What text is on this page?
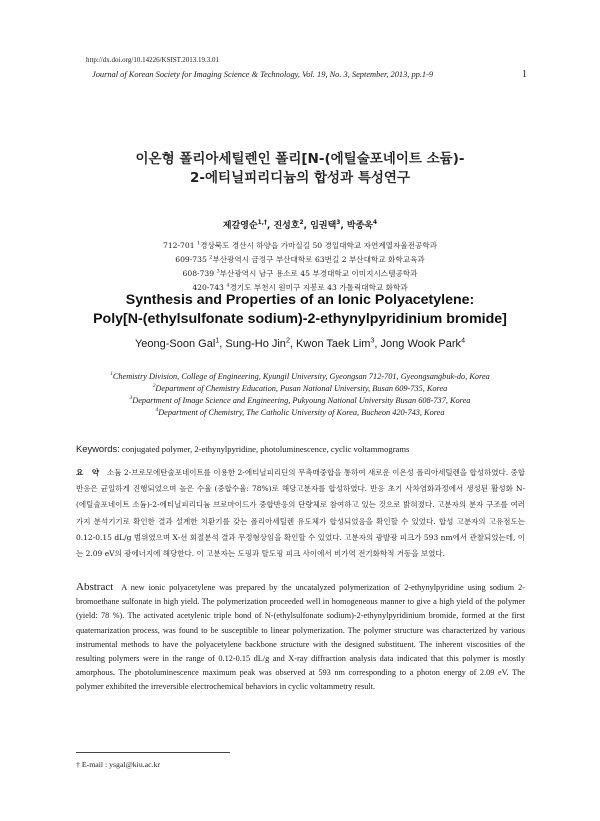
http://dx.doi.org/10.14226/KSIST.2013.19.3.01
Journal of Korean Society for Imaging Science & Technology, Vol. 19, No. 3, September, 2013, pp.1-9	1
이온형 폴리아세틸렌인 폴리[N-(에틸술포네이트 소듐)-
2-에티닐피리디늄의 합성과 특성연구
제갈영순$^{1,\dagger}$, 진성호$^2$, 임권택$^3$, 박종욱$^4$
712-701 $^1$경상북도 경산시 하양읍 가마실길 50 경일대학교 자연계열자율전공학과
609-735 $^2$부산광역시 금정구 부산대학로 63번길 2 부산대학교 화학교육과
608-739 $^3$부산광역시 남구 용소로 45 부경대학교 이미지시스템공학과
420-743 $^4$경기도 부천시 원미구 지봉로 43 가톨릭대학교 화학과
Synthesis and Properties of an Ionic Polyacetylene:
Poly[N-(ethylsulfonate sodium)-2-ethynylpyridinium bromide]
Yeong-Soon Gal$^1$, Sung-Ho Jin$^2$, Kwon Taek Lim$^3$, Jong Wook Park$^4$
$^1$Chemistry Division, College of Engineering, Kyungil University, Gyeongsan 712-701, Gyeongsangbuk-do, Korea
$^2$Department of Chemistry Education, Pusan National University, Busan 609-735, Korea
$^3$Department of Image Science and Engineering, Pukyoung National University Busan 608-737, Korea
$^4$Department of Chemistry, The Catholic University of Korea, Bucheon 420-743, Korea
Keywords: conjugated polymer, 2-ethynylpyridine, photoluminescence, cyclic voltammograms
요 약 소듐 2-브로모에탄술포네이트를 이용한 2-에티닐피리딘의 무촉매중합을 통하여 새로운 이온성 폴리아세틸렌을 합성하였다. 중합반응은 균일하게 진행되었으며 높은 수율 (중합수율: 78%)로 해당고분자를 합성하였다. 반응 초기 사차염화과정에서 생성된 활성화 N-(에틸술포네이트 소듐)-2-에티닐피리디늄 브로마이드가 중합반응의 단량체로 참여하고 있는 것으로 밝혀졌다. 고분자의 분자 구조를 여러 가지 분석기기로 확인한 결과 설계한 치환기를 갖는 폴리아세틸렌 유도체가 합성되었음을 확인할 수 있었다. 합성 고분자의 고유점도는 0.12-0.15 dL/g 범위였으며 X-선 회절분석 결과 무정형상임을 확인할 수 있었다. 고분자의 광발광 피크가 593 nm에서 관찰되었는데, 이는 2.09 eV의 광에너지에 해당한다. 이 고분자는 도핑과 탈도핑 피크 사이에서 비가역 전기화학적 거동을 보였다.
Abstract A new ionic polyacetylene was prepared by the uncatalyzed polymerization of 2-ethynylpyridine using sodium 2-bromoethane sulfonate in high yield. The polymerization proceeded well in homogeneous manner to give a high yield of the polymer (yield: 78 %). The activated acetylenic triple bond of N-(ethylsulfonate sodium)-2-ethynylpyridinium bromide, formed at the first quaternarization process, was found to be susceptible to linear polymerization. The polymer structure was characterized by various instrumental methods to have the polyacetylene backbone structure with the designed substituent. The inherent viscosities of the resulting polymers were in the range of 0.12-0.15 dL/g and X-ray diffraction analysis data indicated that this polymer is mostly amorphous. The photoluminescence maximum peak was observed at 593 nm corresponding to a photon energy of 2.09 eV. The polymer exhibited the irreversible electrochemical behaviors in cyclic voltammetry result.
† E-mail : ysgal@kiu.ac.kr
